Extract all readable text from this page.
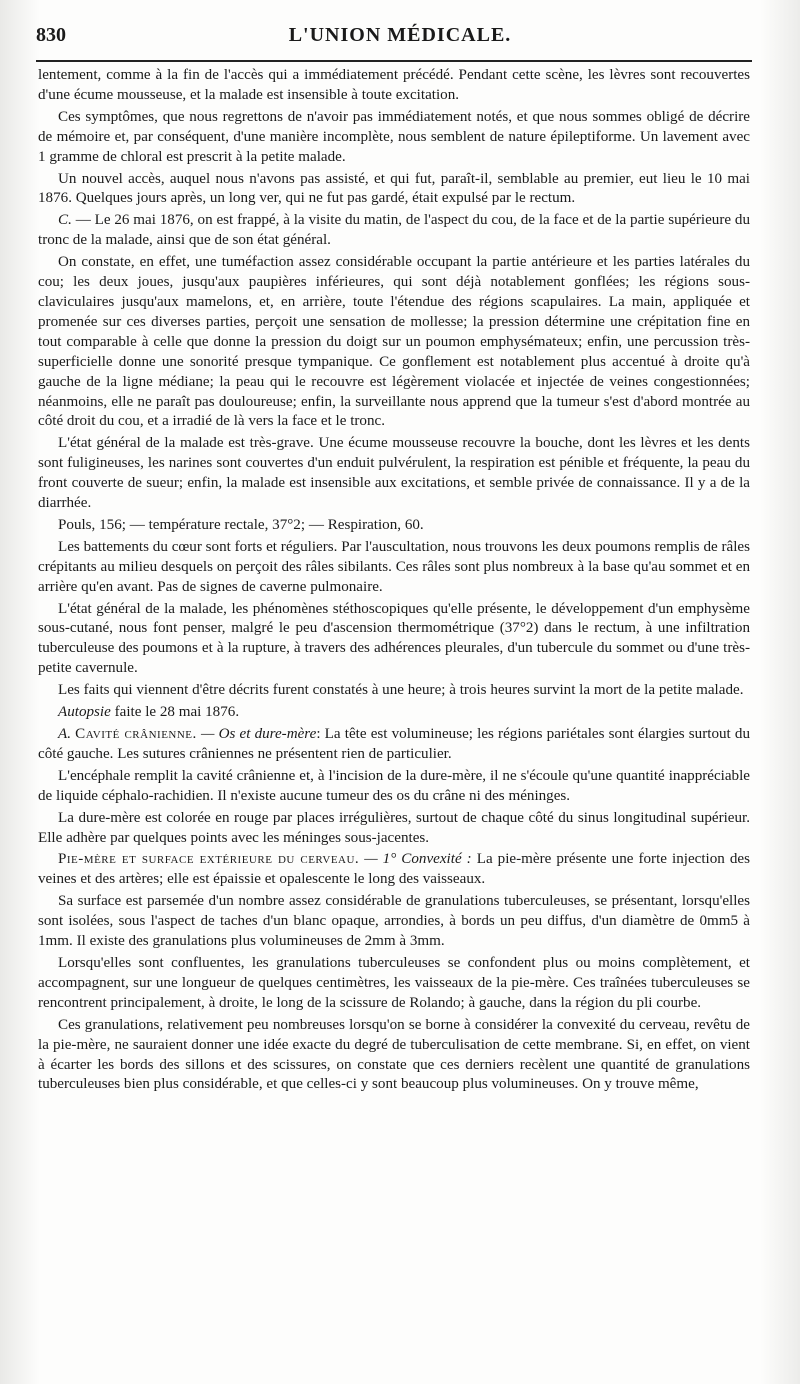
830	L'UNION MÉDICALE.

lentement, comme à la fin de l'accès qui a immédiatement précédé. Pendant cette scène, les lèvres sont recouvertes d'une écume mousseuse, et la malade est insensible à toute excitation.

Ces symptômes, que nous regrettons de n'avoir pas immédiatement notés, et que nous sommes obligé de décrire de mémoire et, par conséquent, d'une manière incomplète, nous semblent de nature épileptiforme. Un lavement avec 1 gramme de chloral est prescrit à la petite malade.

Un nouvel accès, auquel nous n'avons pas assisté, et qui fut, paraît-il, semblable au premier, eut lieu le 10 mai 1876. Quelques jours après, un long ver, qui ne fut pas gardé, était expulsé par le rectum.

C. — Le 26 mai 1876, on est frappé, à la visite du matin, de l'aspect du cou, de la face et de la partie supérieure du tronc de la malade, ainsi que de son état général.

On constate, en effet, une tuméfaction assez considérable occupant la partie antérieure et les parties latérales du cou; les deux joues, jusqu'aux paupières inférieures, qui sont déjà notablement gonflées; les régions sous-claviculaires jusqu'aux mamelons, et, en arrière, toute l'étendue des régions scapulaires. La main, appliquée et promenée sur ces diverses parties, perçoit une sensation de mollesse; la pression détermine une crépitation fine en tout comparable à celle que donne la pression du doigt sur un poumon emphysémateux; enfin, une percussion très-superficielle donne une sonorité presque tympanique. Ce gonflement est notablement plus accentué à droite qu'à gauche de la ligne médiane; la peau qui le recouvre est légèrement violacée et injectée de veines congestionnées; néanmoins, elle ne paraît pas douloureuse; enfin, la surveillante nous apprend que la tumeur s'est d'abord montrée au côté droit du cou, et a irradié de là vers la face et le tronc.

L'état général de la malade est très-grave. Une écume mousseuse recouvre la bouche, dont les lèvres et les dents sont fuligineuses, les narines sont couvertes d'un enduit pulvérulent, la respiration est pénible et fréquente, la peau du front couverte de sueur; enfin, la malade est insensible aux excitations, et semble privée de connaissance. Il y a de la diarrhée.

Pouls, 156; — température rectale, 37°2; — Respiration, 60.

Les battements du cœur sont forts et réguliers. Par l'auscultation, nous trouvons les deux poumons remplis de râles crépitants au milieu desquels on perçoit des râles sibilants. Ces râles sont plus nombreux à la base qu'au sommet et en arrière qu'en avant. Pas de signes de caverne pulmonaire.

L'état général de la malade, les phénomènes stéthoscopiques qu'elle présente, le développement d'un emphysème sous-cutané, nous font penser, malgré le peu d'ascension thermométrique (37°2) dans le rectum, à une infiltration tuberculeuse des poumons et à la rupture, à travers des adhérences pleurales, d'un tubercule du sommet ou d'une très-petite cavernule.

Les faits qui viennent d'être décrits furent constatés à une heure; à trois heures survint la mort de la petite malade.

Autopsie faite le 28 mai 1876.

A. Cavité crânienne. — Os et dure-mère: La tête est volumineuse; les régions pariétales sont élargies surtout du côté gauche. Les sutures crâniennes ne présentent rien de particulier.

L'encéphale remplit la cavité crânienne et, à l'incision de la dure-mère, il ne s'écoule qu'une quantité inappréciable de liquide céphalo-rachidien. Il n'existe aucune tumeur des os du crâne ni des méninges.

La dure-mère est colorée en rouge par places irrégulières, surtout de chaque côté du sinus longitudinal supérieur. Elle adhère par quelques points avec les méninges sous-jacentes.

Pie-mère et surface extérieure du cerveau. — 1° Convexité : La pie-mère présente une forte injection des veines et des artères; elle est épaissie et opalescente le long des vaisseaux.

Sa surface est parsemée d'un nombre assez considérable de granulations tuberculeuses, se présentant, lorsqu'elles sont isolées, sous l'aspect de taches d'un blanc opaque, arrondies, à bords un peu diffus, d'un diamètre de 0mm5 à 1mm. Il existe des granulations plus volumineuses de 2mm à 3mm.

Lorsqu'elles sont confluentes, les granulations tuberculeuses se confondent plus ou moins complètement, et accompagnent, sur une longueur de quelques centimètres, les vaisseaux de la pie-mère. Ces traînées tuberculeuses se rencontrent principalement, à droite, le long de la scissure de Rolando; à gauche, dans la région du pli courbe.

Ces granulations, relativement peu nombreuses lorsqu'on se borne à considérer la convexité du cerveau, revêtu de la pie-mère, ne sauraient donner une idée exacte du degré de tuberculisation de cette membrane. Si, en effet, on vient à écarter les bords des sillons et des scissures, on constate que ces derniers recèlent une quantité de granulations tuberculeuses bien plus considérable, et que celles-ci y sont beaucoup plus volumineuses. On y trouve même,
